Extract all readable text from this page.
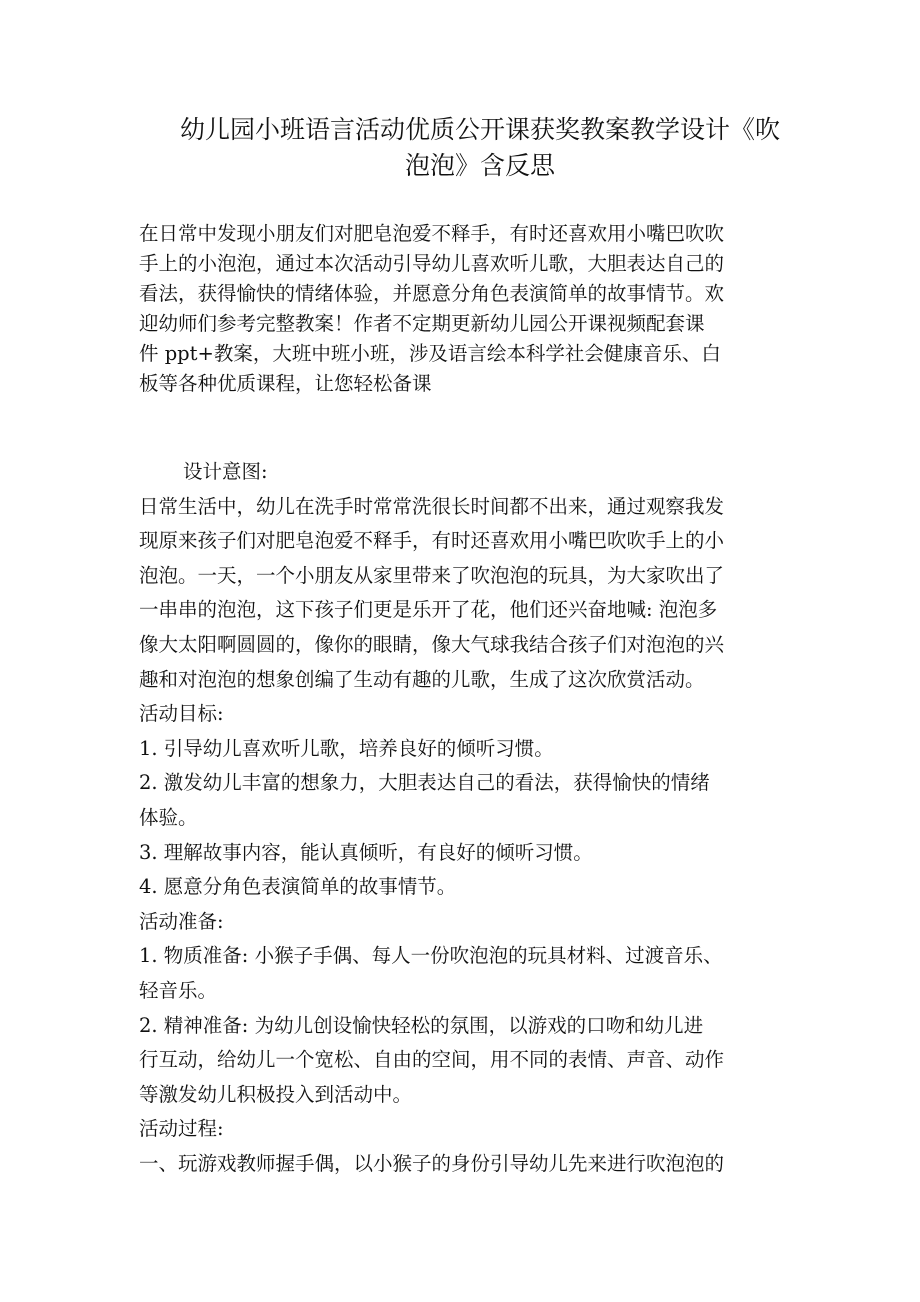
幼儿园小班语言活动优质公开课获奖教案教学设计《吹
泡泡》含反思
在日常中发现小朋友们对肥皂泡爱不释手，有时还喜欢用小嘴巴吹吹
手上的小泡泡，通过本次活动引导幼儿喜欢听儿歌，大胆表达自己的
看法，获得愉快的情绪体验，并愿意分角色表演简单的故事情节。欢
迎幼师们参考完整教案！作者不定期更新幼儿园公开课视频配套课
件 ppt+教案，大班中班小班，涉及语言绘本科学社会健康音乐、白
板等各种优质课程，让您轻松备课
设计意图:
日常生活中，幼儿在洗手时常常洗很长时间都不出来，通过观察我发
现原来孩子们对肥皂泡爱不释手，有时还喜欢用小嘴巴吹吹手上的小
泡泡。一天，一个小朋友从家里带来了吹泡泡的玩具，为大家吹出了
一串串的泡泡，这下孩子们更是乐开了花，他们还兴奋地喊: 泡泡多
像大太阳啊圆圆的，像你的眼睛，像大气球我结合孩子们对泡泡的兴
趣和对泡泡的想象创编了生动有趣的儿歌，生成了这次欣赏活动。
活动目标:
1. 引导幼儿喜欢听儿歌，培养良好的倾听习惯。
2. 激发幼儿丰富的想象力，大胆表达自己的看法，获得愉快的情绪
体验。
3. 理解故事内容，能认真倾听，有良好的倾听习惯。
4. 愿意分角色表演简单的故事情节。
活动准备:
1. 物质准备: 小猴子手偶、每人一份吹泡泡的玩具材料、过渡音乐、
轻音乐。
2. 精神准备: 为幼儿创设愉快轻松的氛围，以游戏的口吻和幼儿进
行互动，给幼儿一个宽松、自由的空间，用不同的表情、声音、动作
等激发幼儿积极投入到活动中。
活动过程:
一、玩游戏教师握手偶，以小猴子的身份引导幼儿先来进行吹泡泡的
